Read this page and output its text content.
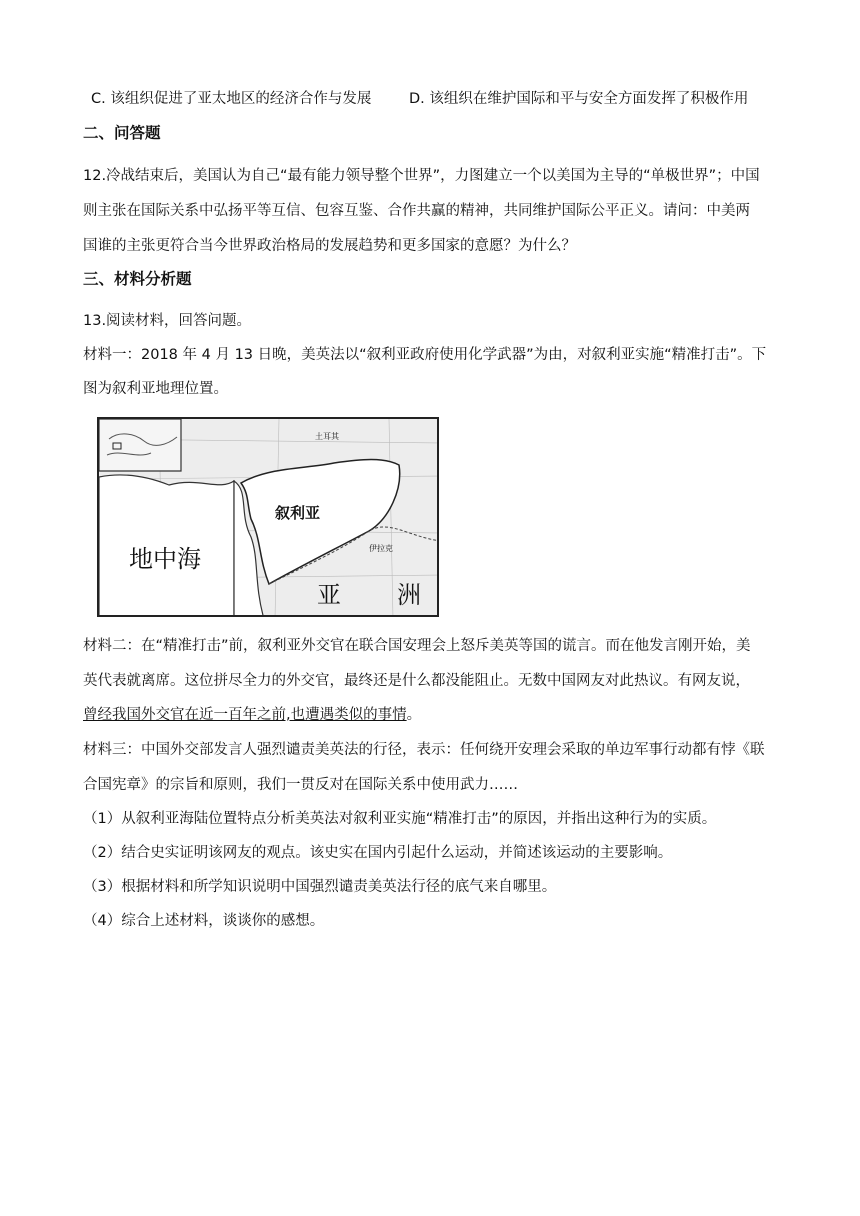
C. 该组织促进了亚太地区的经济合作与发展	D. 该组织在维护国际和平与安全方面发挥了积极作用
二、问答题
12.冷战结束后，美国认为自己“最有能力领导整个世界”，力图建立一个以美国为主导的“单极世界”；中国
则主张在国际关系中弘扬平等互信、包容互鉴、合作共赢的精神，共同维护国际公平正义。请问：中美两
国谁的主张更符合当今世界政治格局的发展趋势和更多国家的意愿？为什么？
三、材料分析题
13.阅读材料，回答问题。
材料一：2018 年 4 月 13 日晚，美英法以“叙利亚政府使用化学武器”为由，对叙利亚实施“精准打击”。下
图为叙利亚地理位置。
叙利亚
地中海
亚 洲
土耳其
伊拉克
材料二：在“精准打击”前，叙利亚外交官在联合国安理会上怒斥美英等国的谎言。而在他发言刚开始，美
英代表就离席。这位拼尽全力的外交官，最终还是什么都没能阻止。无数中国网友对此热议。有网友说，
曾经我国外交官在近一百年之前,也遭遇类似的事情。
材料三：中国外交部发言人强烈谴责美英法的行径，表示：任何绕开安理会采取的单边军事行动都有悖《联
合国宪章》的宗旨和原则，我们一贯反对在国际关系中使用武力……
（1）从叙利亚海陆位置特点分析美英法对叙利亚实施“精准打击”的原因，并指出这种行为的实质。
（2）结合史实证明该网友的观点。该史实在国内引起什么运动，并简述该运动的主要影响。
（3）根据材料和所学知识说明中国强烈谴责美英法行径的底气来自哪里。
（4）综合上述材料，谈谈你的感想。
